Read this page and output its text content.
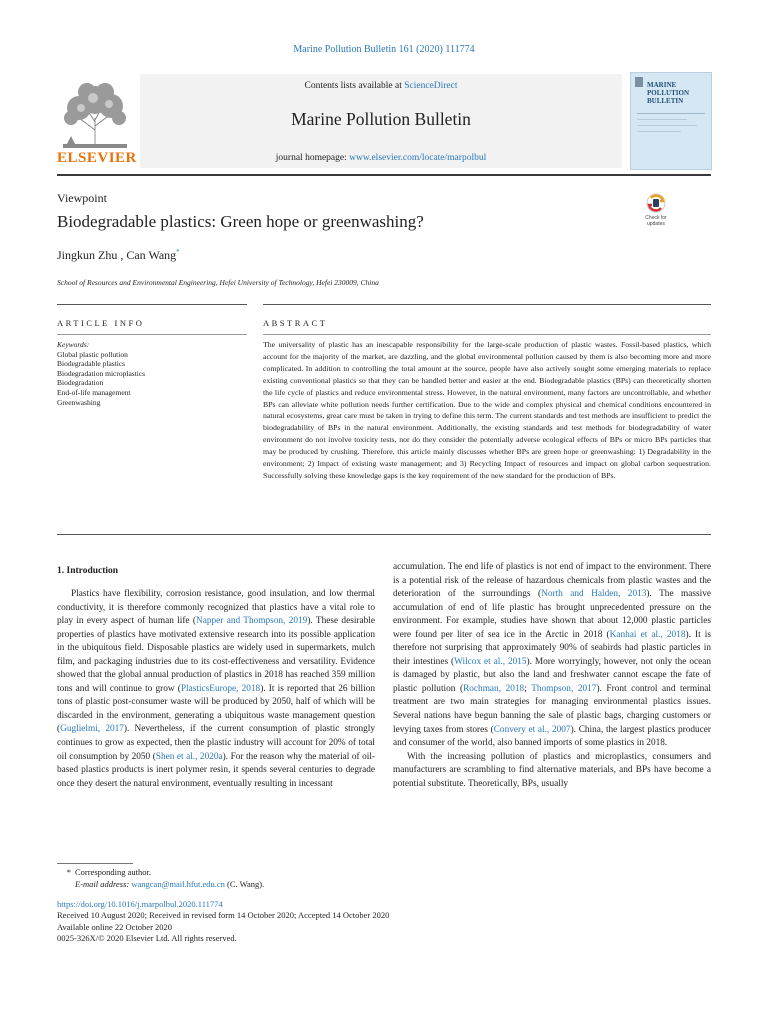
Marine Pollution Bulletin 161 (2020) 111774
ELSEVIER
Contents lists available at ScienceDirect
Marine Pollution Bulletin
journal homepage: www.elsevier.com/locate/marpolbul
MARINE
POLLUTION
BULLETIN
Viewpoint
Biodegradable plastics: Green hope or greenwashing?	Check for
updates
Jingkun Zhu , Can Wang*
School of Resources and Environmental Engineering, Hefei University of Technology, Hefei 230009, China
ARTICLE INFO	ABSTRACT
Keywords:
Global plastic pollution
Biodegradable plastics
Biodegradation microplastics
Biodegradation
End-of-life management
Greenwashing
The universality of plastic has an inescapable responsibility for the large-scale production of plastic wastes. Fossil-based plastics, which account for the majority of the market, are dazzling, and the global environmental pollution caused by them is also becoming more and more complicated. In addition to controlling the total amount at the source, people have also actively sought some emerging materials to replace existing conventional plastics so that they can be handled better and easier at the end. Biodegradable plastics (BPs) can theoretically shorten the life cycle of plastics and reduce environmental stress. However, in the natural environment, many factors are uncontrollable, and whether BPs can alleviate white pollution needs further certification. Due to the wide and complex physical and chemical conditions encountered in natural ecosystems, great care must be taken in trying to define this term. The current standards and test methods are insufficient to predict the biodegradability of BPs in the natural environment. Additionally, the existing standards and test methods for biodegradability of water environment do not involve toxicity tests, nor do they consider the potentially adverse ecological effects of BPs or micro BPs particles that may be produced by crushing. Therefore, this article mainly discusses whether BPs are green hope or greenwashing: 1) Degradability in the environment; 2) Impact of existing waste management; and 3) Recycling Impact of resources and impact on global carbon sequestration. Successfully solving these knowledge gaps is the key requirement of the new standard for the production of BPs.
1. Introduction

Plastics have flexibility, corrosion resistance, good insulation, and low thermal conductivity, it is therefore commonly recognized that plastics have a vital role to play in every aspect of human life (Napper and Thompson, 2019). These desirable properties of plastics have motivated extensive research into its possible application in the ubiquitous field. Disposable plastics are widely used in supermarkets, mulch film, and packaging industries due to its cost-effectiveness and versatility. Evidence showed that the global annual production of plastics in 2018 has reached 359 million tons and will continue to grow (PlasticsEurope, 2018). It is reported that 26 billion tons of plastic post-consumer waste will be produced by 2050, half of which will be discarded in the environment, generating a ubiquitous waste management question (Guglielmi, 2017). Nevertheless, if the current consumption of plastic strongly continues to grow as expected, then the plastic industry will account for 20% of total oil consumption by 2050 (Shen et al., 2020a). For the reason why the material of oil-based plastics products is inert polymer resin, it spends several centuries to degrade once they desert the natural environment, eventually resulting in incessant

accumulation. The end life of plastics is not end of impact to the environment. There is a potential risk of the release of hazardous chemicals from plastic wastes and the deterioration of the surroundings (North and Halden, 2013). The massive accumulation of end of life plastic has brought unprecedented pressure on the environment. For example, studies have shown that about 12,000 plastic particles were found per liter of sea ice in the Arctic in 2018 (Kanhai et al., 2018). It is therefore not surprising that approximately 90% of seabirds had plastic particles in their intestines (Wilcox et al., 2015). More worryingly, however, not only the ocean is damaged by plastic, but also the land and freshwater cannot escape the fate of plastic pollution (Rochman, 2018; Thompson, 2017). Front control and terminal treatment are two main strategies for managing environmental plastics issues. Several nations have begun banning the sale of plastic bags, charging customers or levying taxes from stores (Convery et al., 2007). China, the largest plastics producer and consumer of the world, also banned imports of some plastics in 2018.

With the increasing pollution of plastics and microplastics, consumers and manufacturers are scrambling to find alternative materials, and BPs have become a potential substitute. Theoretically, BPs, usually

* Corresponding author.
E-mail address: wangcan@mail.hfut.edu.cn (C. Wang).
https://doi.org/10.1016/j.marpolbul.2020.111774
Received 10 August 2020; Received in revised form 14 October 2020; Accepted 14 October 2020
Available online 22 October 2020
0025-326X/© 2020 Elsevier Ltd. All rights reserved.
